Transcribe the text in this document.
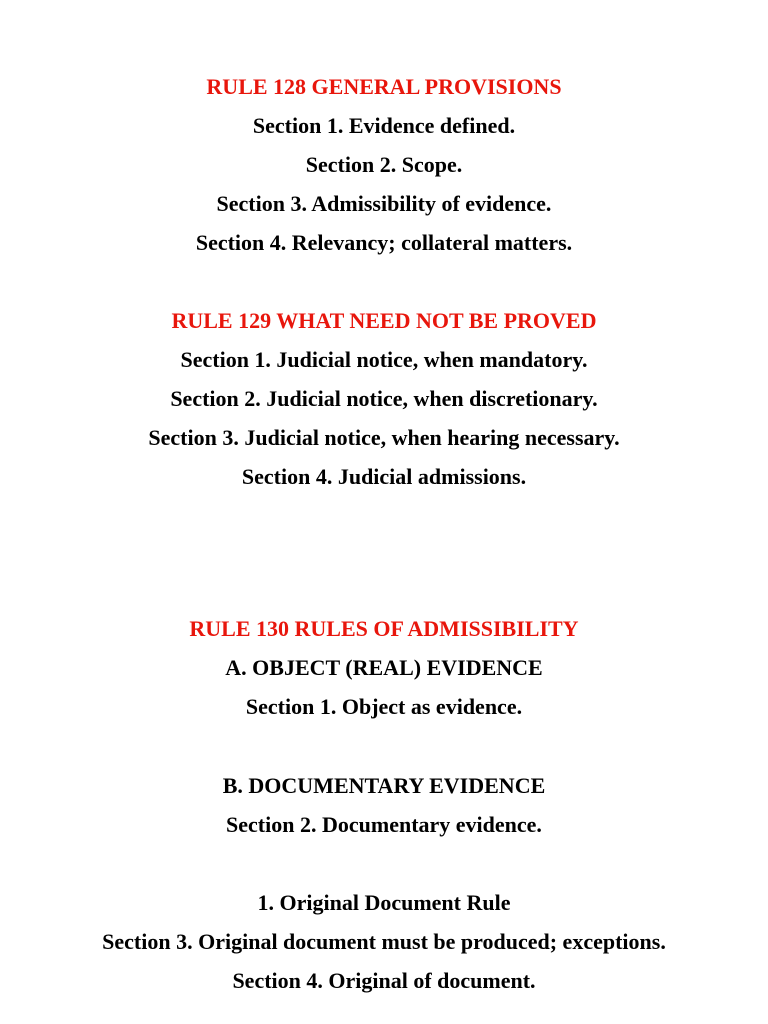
RULE 128 GENERAL PROVISIONS
Section 1. Evidence defined.
Section 2. Scope.
Section 3. Admissibility of evidence.
Section 4. Relevancy; collateral matters.
RULE 129 WHAT NEED NOT BE PROVED
Section 1. Judicial notice, when mandatory.
Section 2. Judicial notice, when discretionary.
Section 3. Judicial notice, when hearing necessary.
Section 4. Judicial admissions.
RULE 130 RULES OF ADMISSIBILITY
A. OBJECT (REAL) EVIDENCE
Section 1. Object as evidence.
B. DOCUMENTARY EVIDENCE
Section 2. Documentary evidence.
1. Original Document Rule
Section 3. Original document must be produced; exceptions.
Section 4. Original of document.
